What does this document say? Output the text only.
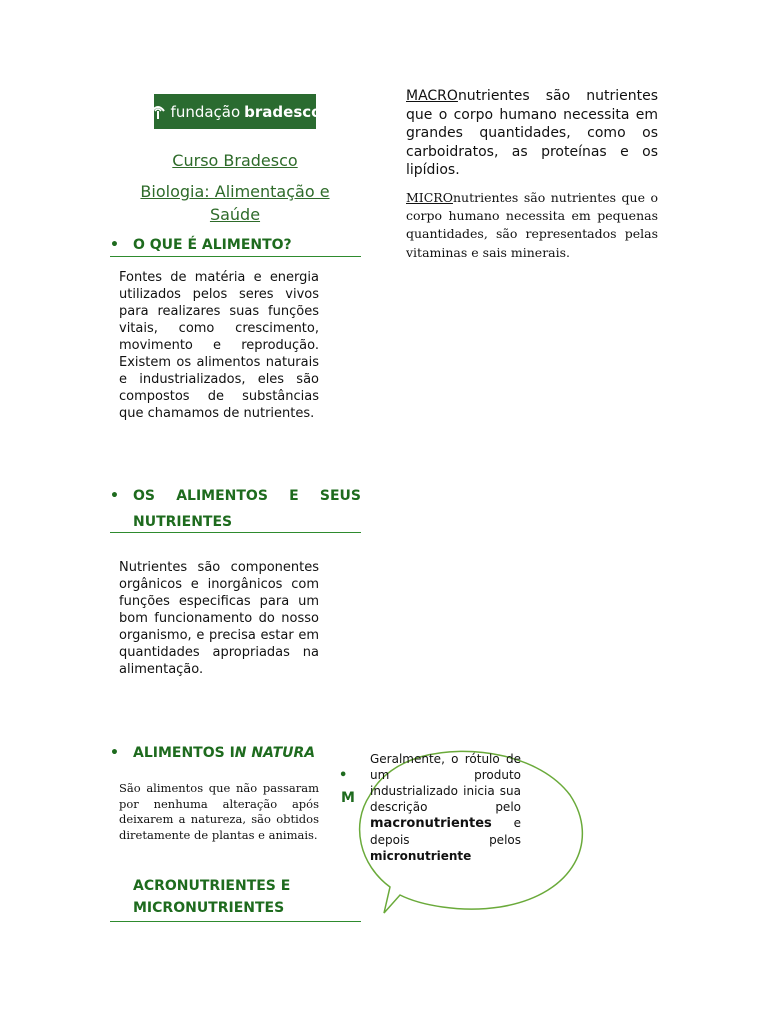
fundação bradesco
Curso Bradesco
Biologia: Alimentação e Saúde
• O QUE É ALIMENTO?
Fontes de matéria e energia utilizados pelos seres vivos para realizares suas funções vitais, como crescimento, movimento e reprodução. Existem os alimentos naturais e industrializados, eles são compostos de substâncias que chamamos de nutrientes.
• OS ALIMENTOS E SEUS NUTRIENTES
Nutrientes são componentes orgânicos e inorgânicos com funções especificas para um bom funcionamento do nosso organismo, e precisa estar em quantidades apropriadas na alimentação.
• ALIMENTOS IN NATURA
São alimentos que não passaram por nenhuma alteração após deixarem a natureza, são obtidos diretamente de plantas e animais.
ACRONUTRIENTES E
MICRONUTRIENTES
•
M
Geralmente, o rótulo de um produto industrializado inicia sua descrição pelo macronutrientes e depois pelos micronutriente
MACROnutrientes são nutrientes que o corpo humano necessita em grandes quantidades, como os carboidratos, as proteínas e os lipídios.
MICROnutrientes são nutrientes que o corpo humano necessita em pequenas quantidades, são representados pelas vitaminas e sais minerais.
